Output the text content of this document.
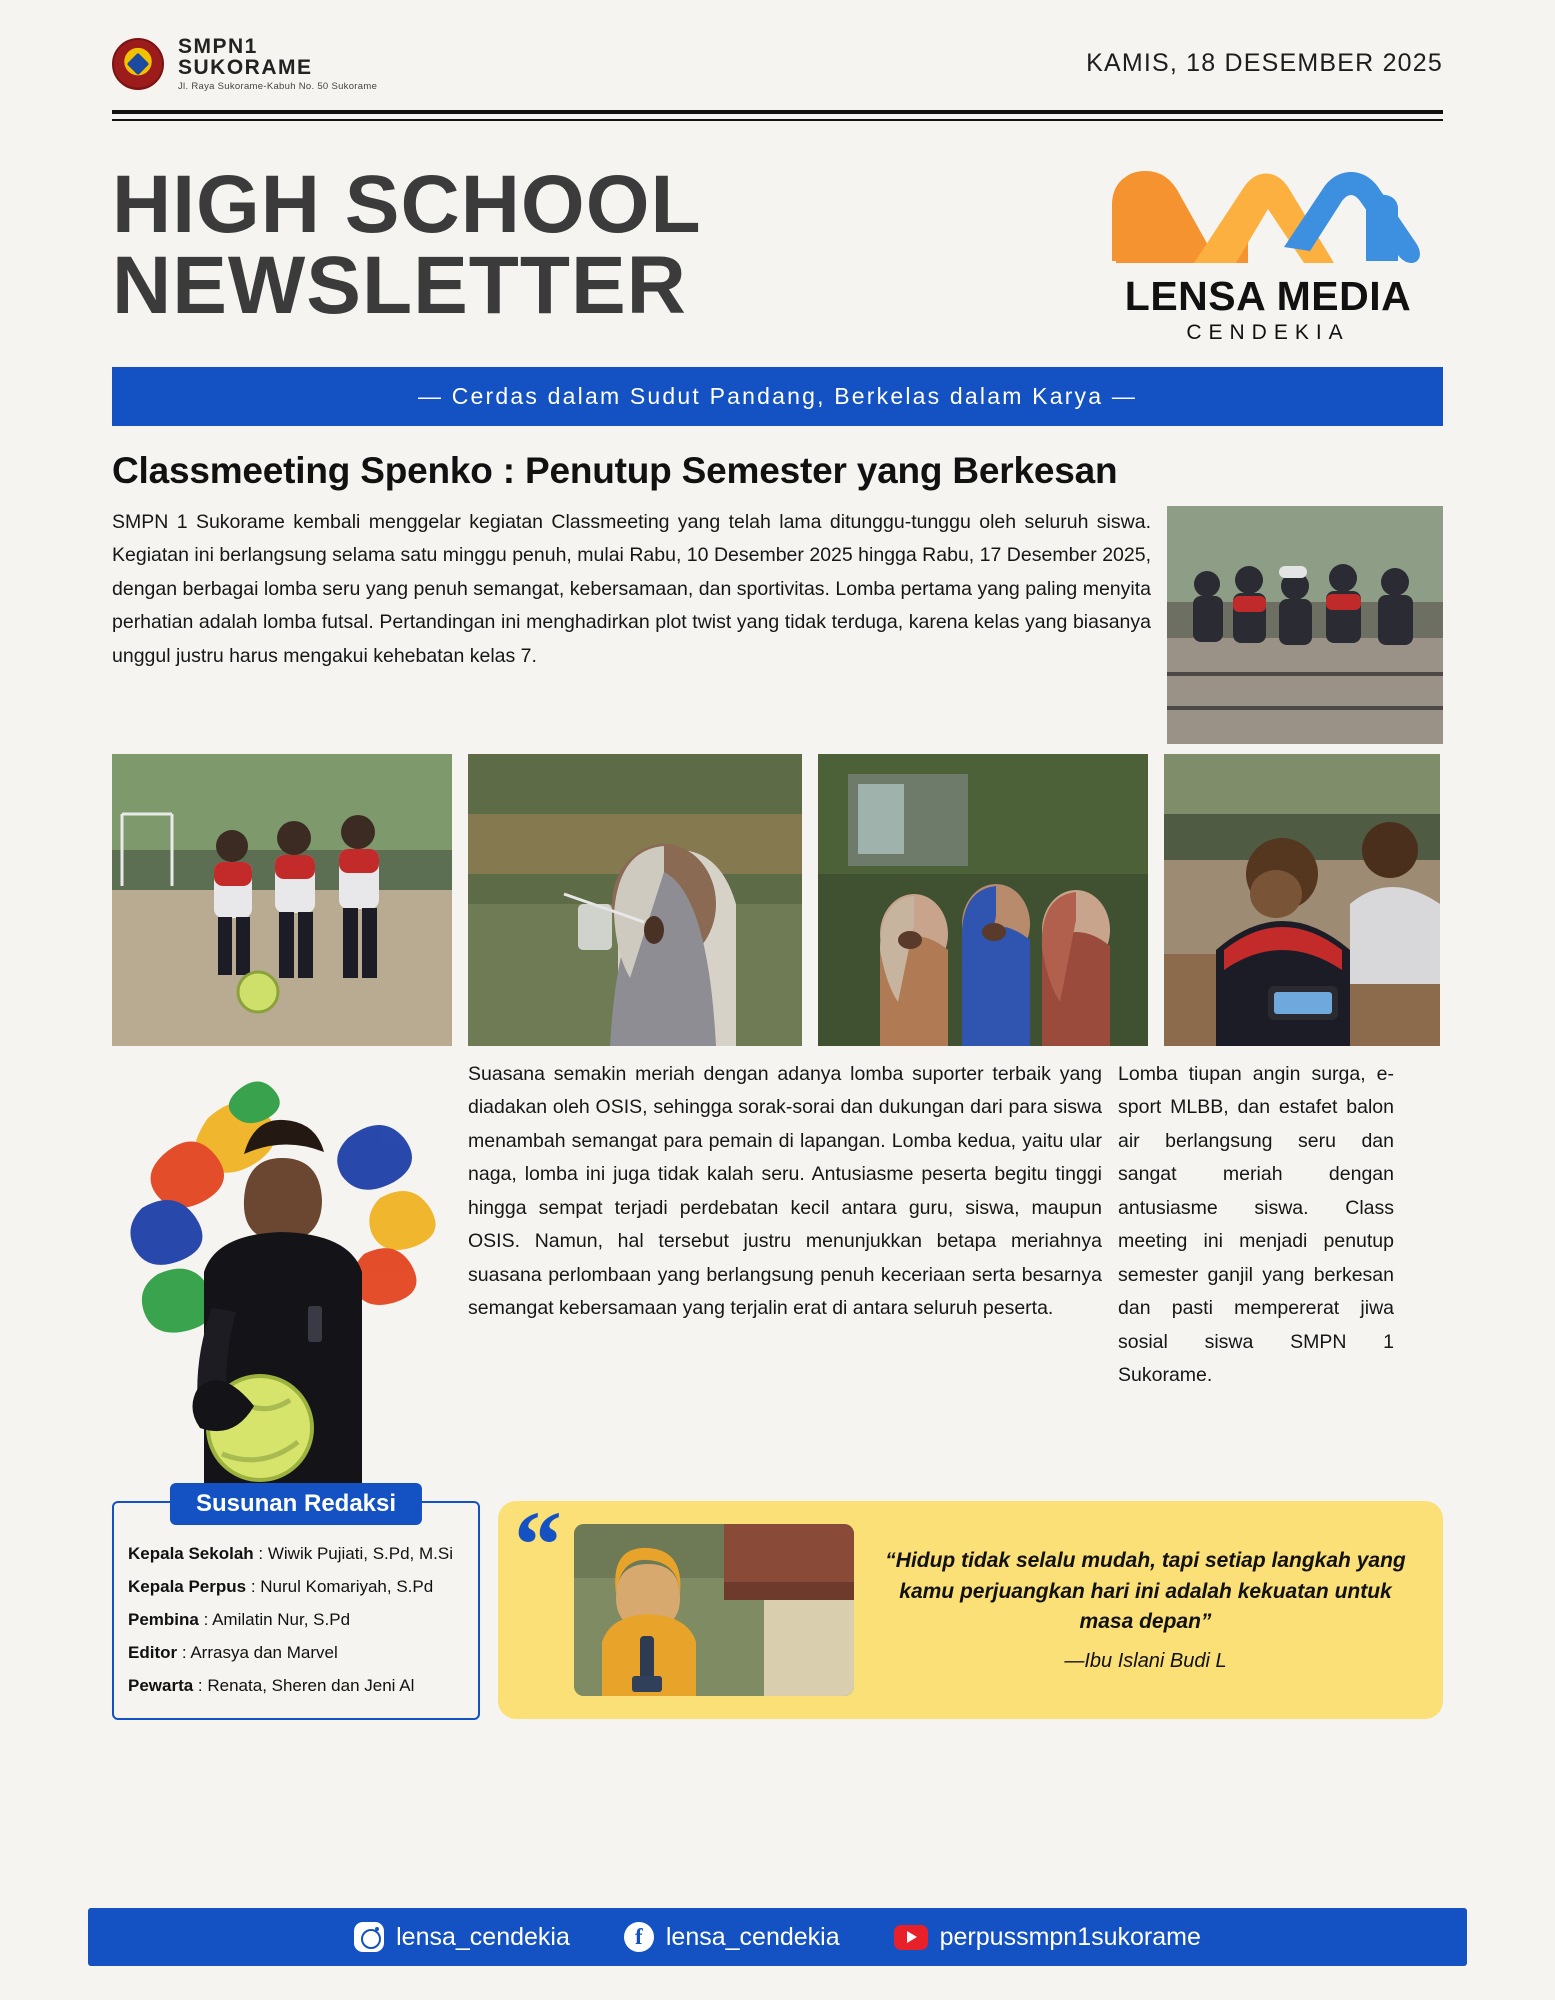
SMPN1
SUKORAME
Jl. Raya Sukorame-Kabuh No. 50 Sukorame
KAMIS, 18 DESEMBER 2025
HIGH SCHOOL
NEWSLETTER	LENSA MEDIA
CENDEKIA
— Cerdas dalam Sudut Pandang, Berkelas dalam Karya —
Classmeeting Spenko : Penutup Semester yang Berkesan
SMPN 1 Sukorame kembali menggelar kegiatan Classmeeting yang telah lama ditunggu-tunggu oleh seluruh siswa. Kegiatan ini berlangsung selama satu minggu penuh, mulai Rabu, 10 Desember 2025 hingga Rabu, 17 Desember 2025, dengan berbagai lomba seru yang penuh semangat, kebersamaan, dan sportivitas. Lomba pertama yang paling menyita perhatian adalah lomba futsal. Pertandingan ini menghadirkan plot twist yang tidak terduga, karena kelas yang biasanya unggul justru harus mengakui kehebatan kelas 7.
Suasana semakin meriah dengan adanya lomba suporter terbaik yang diadakan oleh OSIS, sehingga sorak-sorai dan dukungan dari para siswa menambah semangat para pemain di lapangan. Lomba kedua, yaitu ular naga, lomba ini juga tidak kalah seru. Antusiasme peserta begitu tinggi hingga sempat terjadi perdebatan kecil antara guru, siswa, maupun OSIS. Namun, hal tersebut justru menunjukkan betapa meriahnya suasana perlombaan yang berlangsung penuh keceriaan serta besarnya semangat kebersamaan yang terjalin erat di antara seluruh peserta.
Lomba tiupan angin surga, e-sport MLBB, dan estafet balon air berlangsung seru dan sangat meriah dengan antusiasme siswa. Class meeting ini menjadi penutup semester ganjil yang berkesan dan pasti mempererat jiwa sosial siswa SMPN 1 Sukorame.
Susunan Redaksi
Kepala Sekolah : Wiwik Pujiati, S.Pd, M.Si
Kepala Perpus : Nurul Komariyah, S.Pd
Pembina : Amilatin Nur, S.Pd
Editor : Arrasya dan Marvel
Pewarta : Renata, Sheren dan Jeni Al
“	“Hidup tidak selalu mudah, tapi setiap langkah yang kamu perjuangkan hari ini adalah kekuatan untuk masa depan”
—Ibu Islani Budi L
lensa_cendekia	f lensa_cendekia	perpussmpn1sukorame
